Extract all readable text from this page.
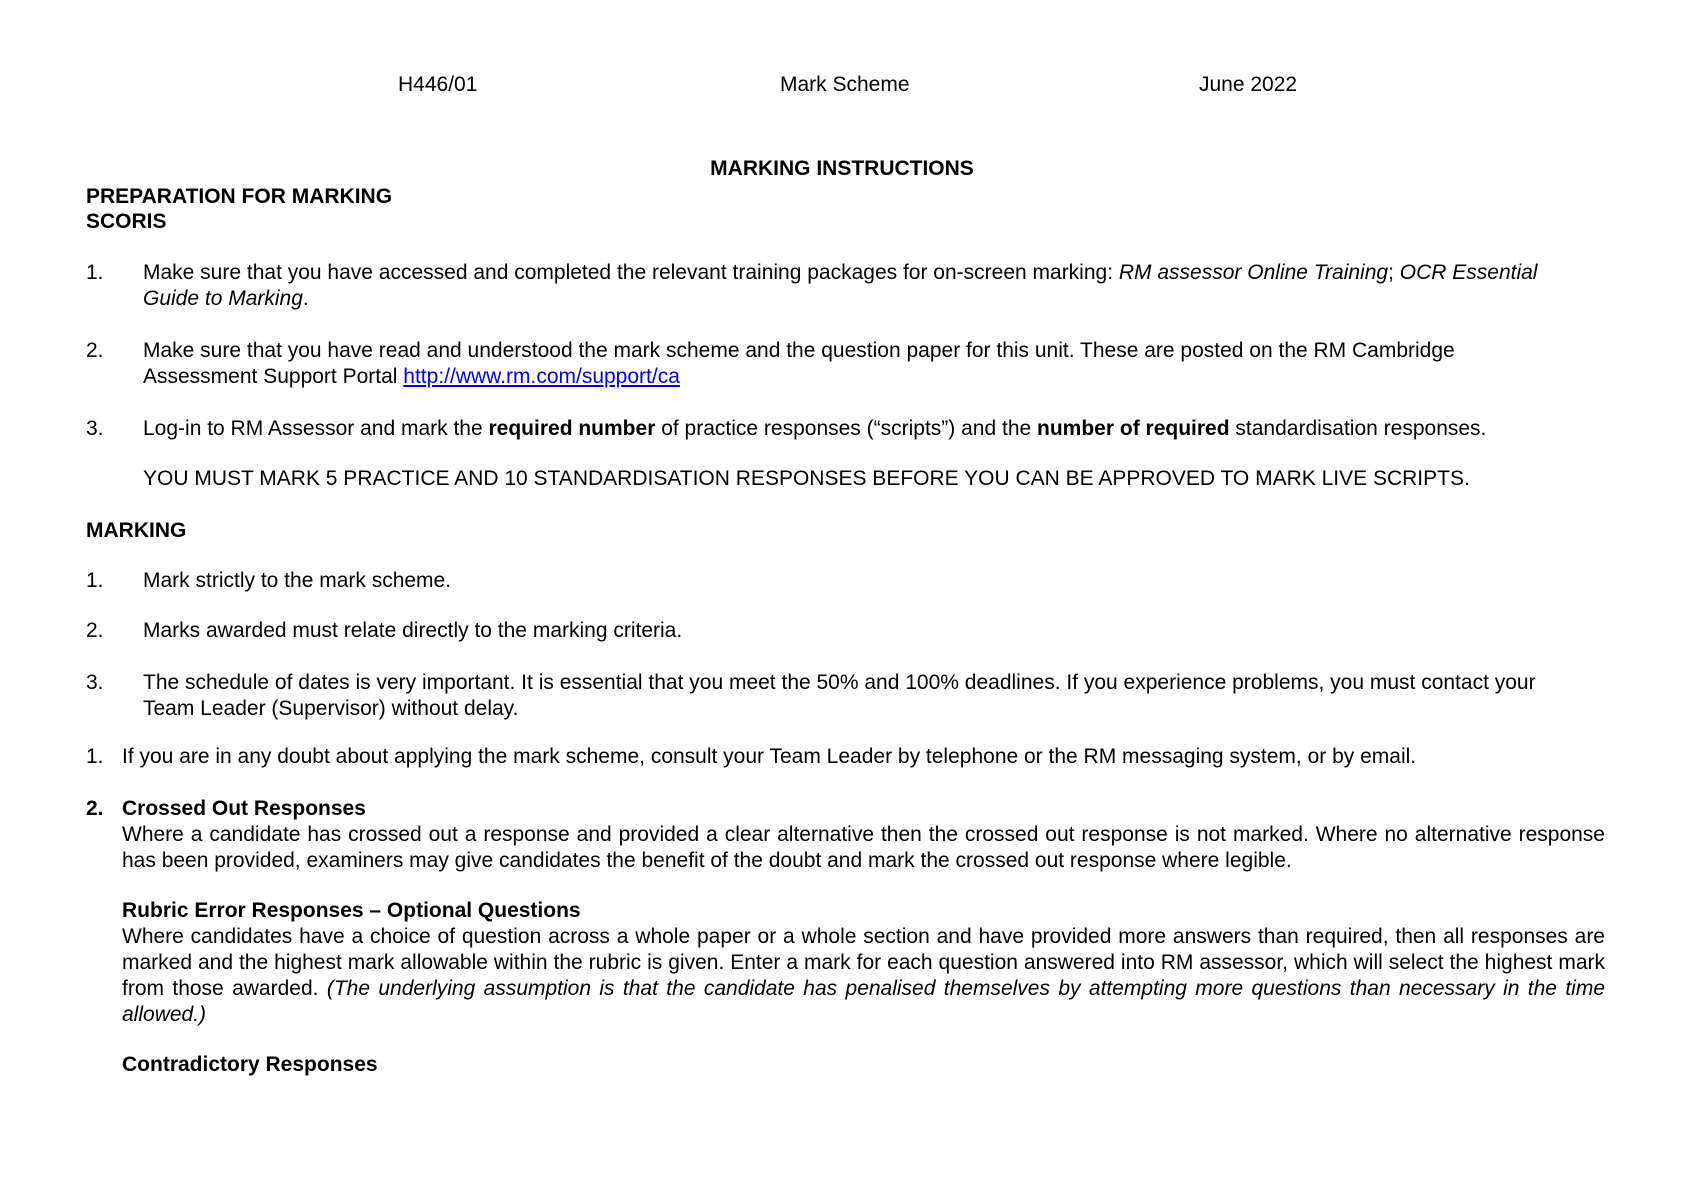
H446/01	Mark Scheme	June 2022
MARKING INSTRUCTIONS
PREPARATION FOR MARKING
SCORIS
1. Make sure that you have accessed and completed the relevant training packages for on-screen marking: RM assessor Online Training; OCR Essential Guide to Marking.
2. Make sure that you have read and understood the mark scheme and the question paper for this unit. These are posted on the RM Cambridge Assessment Support Portal http://www.rm.com/support/ca
3. Log-in to RM Assessor and mark the required number of practice responses (“scripts”) and the number of required standardisation responses.
YOU MUST MARK 5 PRACTICE AND 10 STANDARDISATION RESPONSES BEFORE YOU CAN BE APPROVED TO MARK LIVE SCRIPTS.
MARKING
1. Mark strictly to the mark scheme.
2. Marks awarded must relate directly to the marking criteria.
3. The schedule of dates is very important. It is essential that you meet the 50% and 100% deadlines. If you experience problems, you must contact your Team Leader (Supervisor) without delay.
1. If you are in any doubt about applying the mark scheme, consult your Team Leader by telephone or the RM messaging system, or by email.
2. Crossed Out Responses
Where a candidate has crossed out a response and provided a clear alternative then the crossed out response is not marked. Where no alternative response has been provided, examiners may give candidates the benefit of the doubt and mark the crossed out response where legible.
Rubric Error Responses – Optional Questions
Where candidates have a choice of question across a whole paper or a whole section and have provided more answers than required, then all responses are marked and the highest mark allowable within the rubric is given. Enter a mark for each question answered into RM assessor, which will select the highest mark from those awarded. (The underlying assumption is that the candidate has penalised themselves by attempting more questions than necessary in the time allowed.)
Contradictory Responses
